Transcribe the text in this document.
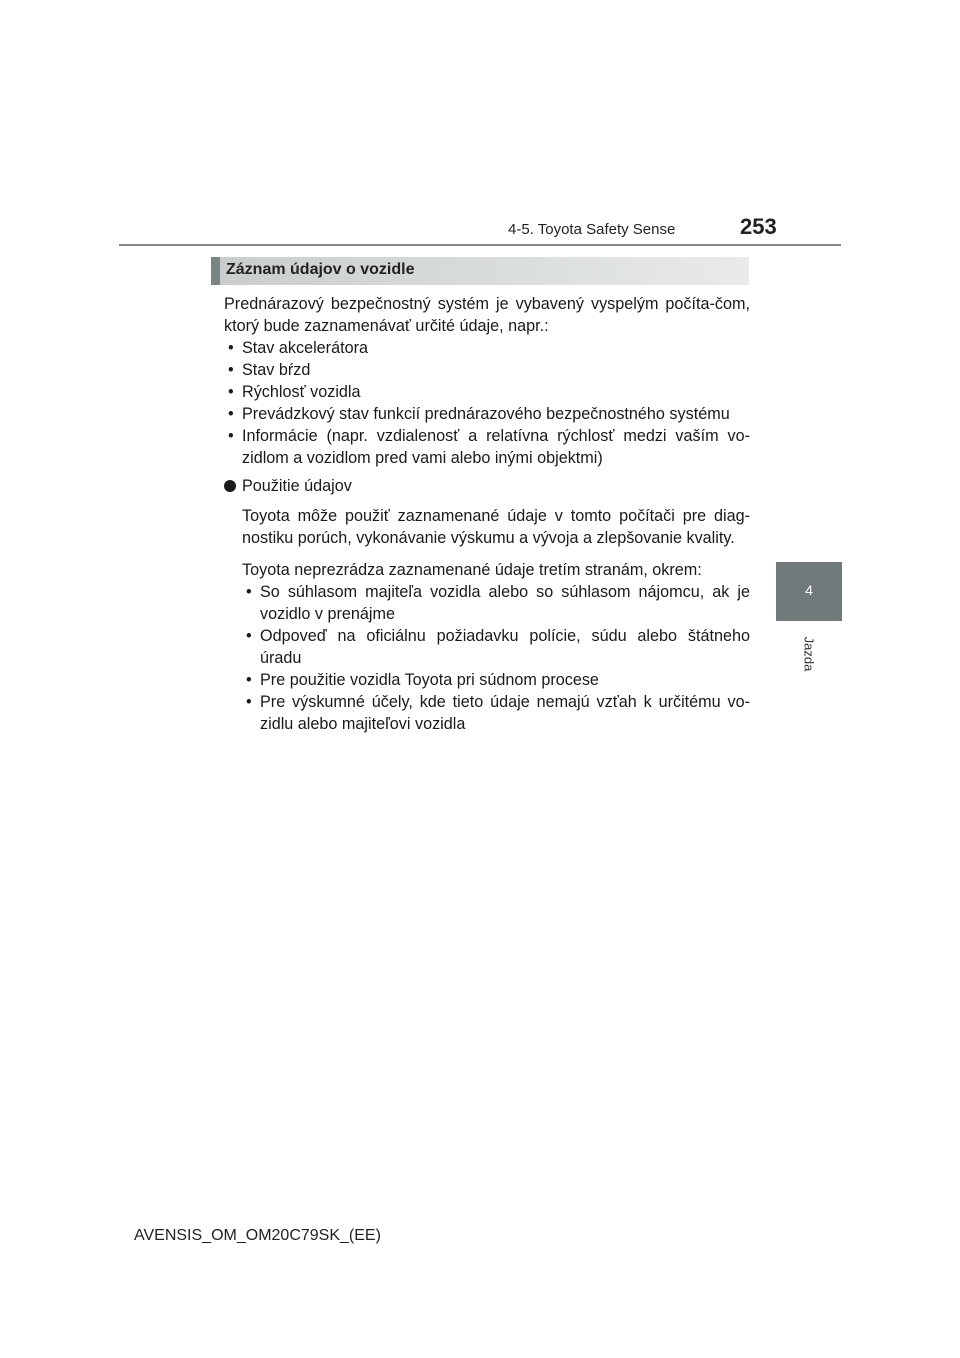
4-5. Toyota Safety Sense	253
4
Jazda
Záznam údajov o vozidle

Prednárazový bezpečnostný systém je vybavený vyspelým počíta-čom, ktorý bude zaznamenávať určité údaje, napr.:

• Stav akcelerátora
• Stav bŕzd
• Rýchlosť vozidla
• Prevádzkový stav funkcií prednárazového bezpečnostného systému
• Informácie (napr. vzdialenosť a relatívna rýchlosť medzi vaším vo-zidlom a vozidlom pred vami alebo inými objektmi)
Použitie údajov

Toyota môže použiť zaznamenané údaje v tomto počítači pre diag-nostiku porúch, vykonávanie výskumu a vývoja a zlepšovanie kvality.

Toyota neprezrádza zaznamenané údaje tretím stranám, okrem:

• So súhlasom majiteľa vozidla alebo so súhlasom nájomcu, ak je vozidlo v prenájme
• Odpoveď na oficiálnu požiadavku polície, súdu alebo štátneho úradu
• Pre použitie vozidla Toyota pri súdnom procese
• Pre výskumné účely, kde tieto údaje nemajú vzťah k určitému vo-zidlu alebo majiteľovi vozidla
AVENSIS_OM_OM20C79SK_(EE)
